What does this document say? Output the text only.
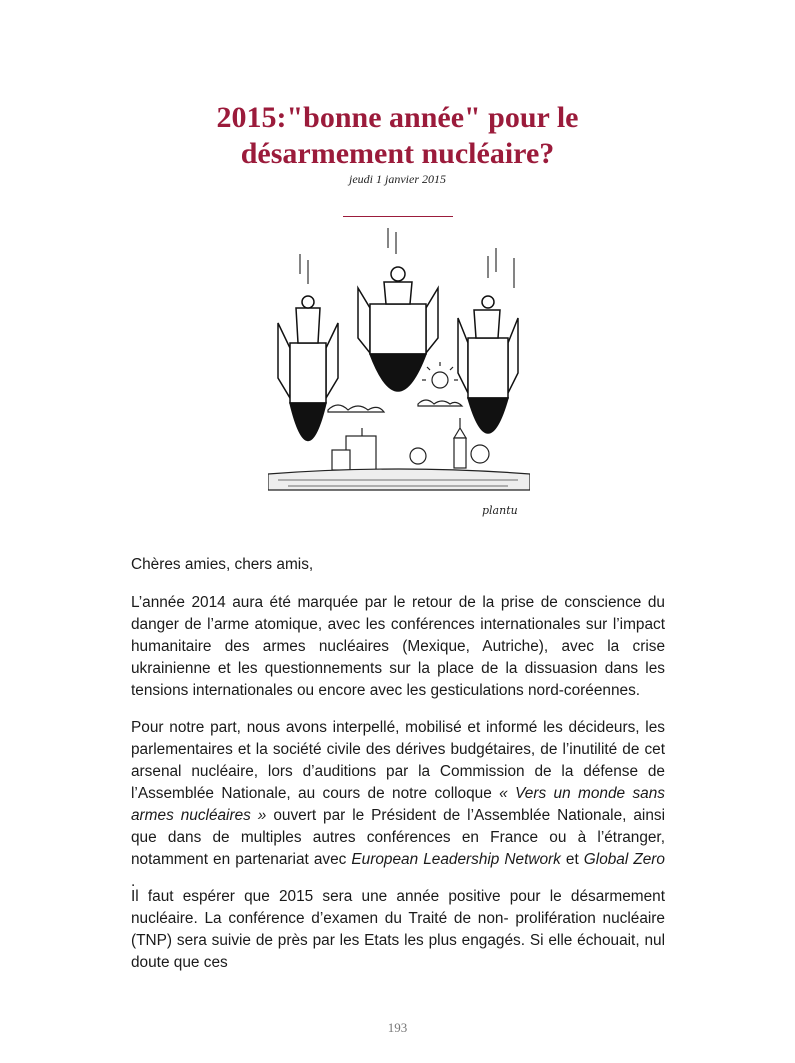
2015:"bonne année" pour le
désarmement nucléaire?
jeudi 1 janvier 2015
plantu

Chères amies, chers amis,

L’année 2014 aura été marquée par le retour de la prise de conscience du danger de l’arme atomique, avec les conférences internationales sur l’impact humanitaire des armes nucléaires (Mexique, Autriche), avec la crise ukrainienne et les questionnements sur la place de la dissuasion dans les tensions internationales ou encore avec les gesticulations nord-coréennes.

Pour notre part, nous avons interpellé, mobilisé et informé les décideurs, les parlementaires et la société civile des dérives budgétaires, de l’inutilité de cet arsenal nucléaire, lors d’auditions par la Commission de la défense de l’Assemblée Nationale, au cours de notre colloque « Vers un monde sans armes nucléaires » ouvert par le Président de l’Assemblée Nationale, ainsi que dans de multiples autres conférences en France ou à l’étranger, notamment en partenariat avec European Leadership Network et Global Zero .

Il faut espérer que 2015 sera une année positive pour le désarmement nucléaire. La conférence d’examen du Traité de non- prolifération nucléaire (TNP) sera suivie de près par les Etats les plus engagés. Si elle échouait, nul doute que ces

193
